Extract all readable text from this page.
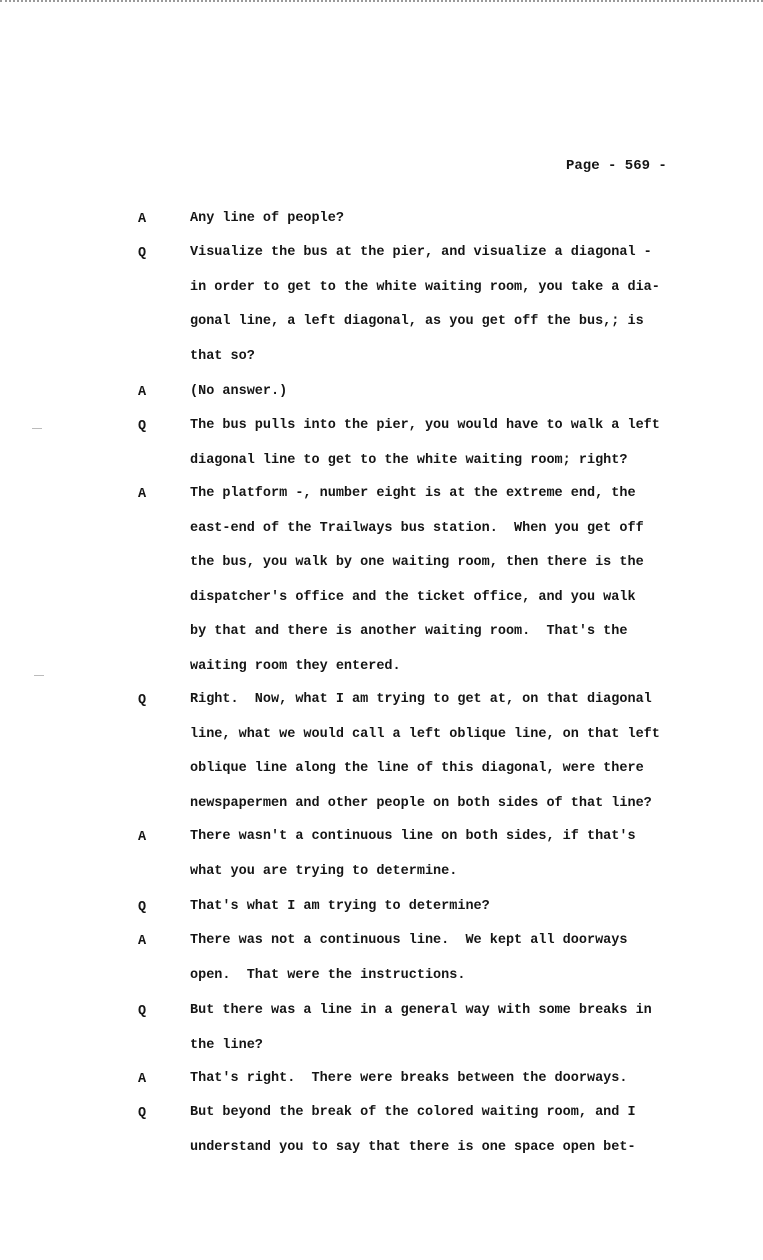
Page - 569 -
A	Any line of people?
Q	Visualize the bus at the pier, and visualize a diagonal -
in order to get to the white waiting room, you take a dia-
gonal line, a left diagonal, as you get off the bus,; is
that so?
A	(No answer.)
Q	The bus pulls into the pier, you would have to walk a left
diagonal line to get to the white waiting room; right?
A	The platform -, number eight is at the extreme end, the
east-end of the Trailways bus station.  When you get off
the bus, you walk by one waiting room, then there is the
dispatcher's office and the ticket office, and you walk
by that and there is another waiting room.  That's the
waiting room they entered.
Q	Right.  Now, what I am trying to get at, on that diagonal
line, what we would call a left oblique line, on that left
oblique line along the line of this diagonal, were there
newspapermen and other people on both sides of that line?
A	There wasn't a continuous line on both sides, if that's
what you are trying to determine.
Q	That's what I am trying to determine?
A	There was not a continuous line.  We kept all doorways
open.  That were the instructions.
Q	But there was a line in a general way with some breaks in
the line?
A	That's right.  There were breaks between the doorways.
Q	But beyond the break of the colored waiting room, and I
understand you to say that there is one space open bet-
